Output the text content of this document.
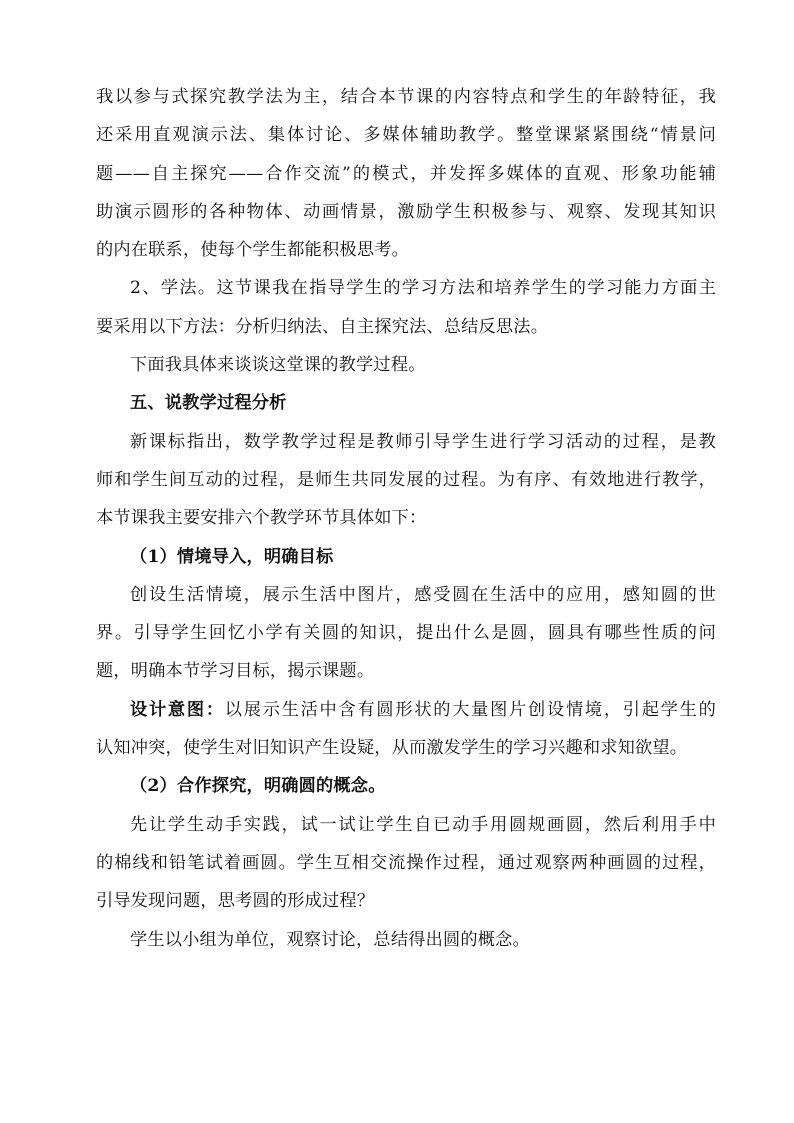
我以参与式探究教学法为主，结合本节课的内容特点和学生的年龄特征，我
还采用直观演示法、集体讨论、多媒体辅助教学。整堂课紧紧围绕“情景问
题——自主探究——合作交流”的模式，并发挥多媒体的直观、形象功能辅
助演示圆形的各种物体、动画情景，激励学生积极参与、观察、发现其知识
的内在联系，使每个学生都能积极思考。
2、学法。这节课我在指导学生的学习方法和培养学生的学习能力方面主
要采用以下方法：分析归纳法、自主探究法、总结反思法。
下面我具体来谈谈这堂课的教学过程。
五、说教学过程分析
新课标指出，数学教学过程是教师引导学生进行学习活动的过程，是教
师和学生间互动的过程，是师生共同发展的过程。为有序、有效地进行教学，
本节课我主要安排六个教学环节具体如下：
（1）情境导入，明确目标
创设生活情境，展示生活中图片，感受圆在生活中的应用，感知圆的世
界。引导学生回忆小学有关圆的知识，提出什么是圆，圆具有哪些性质的问
题，明确本节学习目标，揭示课题。
设计意图：以展示生活中含有圆形状的大量图片创设情境，引起学生的
认知冲突，使学生对旧知识产生设疑，从而激发学生的学习兴趣和求知欲望。
（2）合作探究，明确圆的概念。
先让学生动手实践，试一试让学生自已动手用圆规画圆，然后利用手中
的棉线和铅笔试着画圆。学生互相交流操作过程，通过观察两种画圆的过程，
引导发现问题，思考圆的形成过程？
学生以小组为单位，观察讨论，总结得出圆的概念。
